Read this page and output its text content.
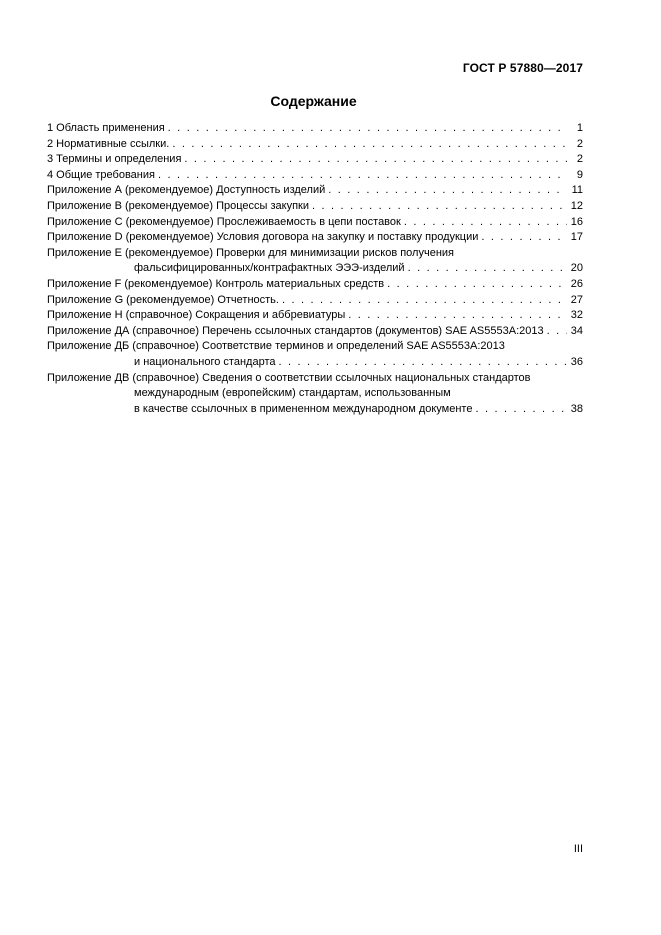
ГОСТ Р 57880—2017
Содержание
1 Область применения . . .	1
2 Нормативные ссылки. . . .	2
3 Термины и определения . . .	2
4 Общие требования . . .	9
Приложение А (рекомендуемое) Доступность изделий . . .	11
Приложение В (рекомендуемое) Процессы закупки . . .	12
Приложение С (рекомендуемое) Прослеживаемость в цепи поставок . . .	16
Приложение D (рекомендуемое) Условия договора на закупку и поставку продукции . . .	17
Приложение Е (рекомендуемое) Проверки для минимизации рисков получения
фальсифицированных/контрафактных ЭЭЭ-изделий . . .	20
Приложение F (рекомендуемое) Контроль материальных средств . . .	26
Приложение G (рекомендуемое) Отчетность. . . .	27
Приложение Н (справочное) Сокращения и аббревиатуры . . .	32
Приложение ДА (справочное) Перечень ссылочных стандартов (документов) SAE AS5553A:2013 . . . 34
Приложение ДБ (справочное) Соответствие терминов и определений SAE AS5553A:2013
и национального стандарта . . .	36
Приложение ДВ (справочное) Сведения о соответствии ссылочных национальных стандартов
международным (европейским) стандартам, использованным
в качестве ссылочных в примененном международном документе . . .	38
III
